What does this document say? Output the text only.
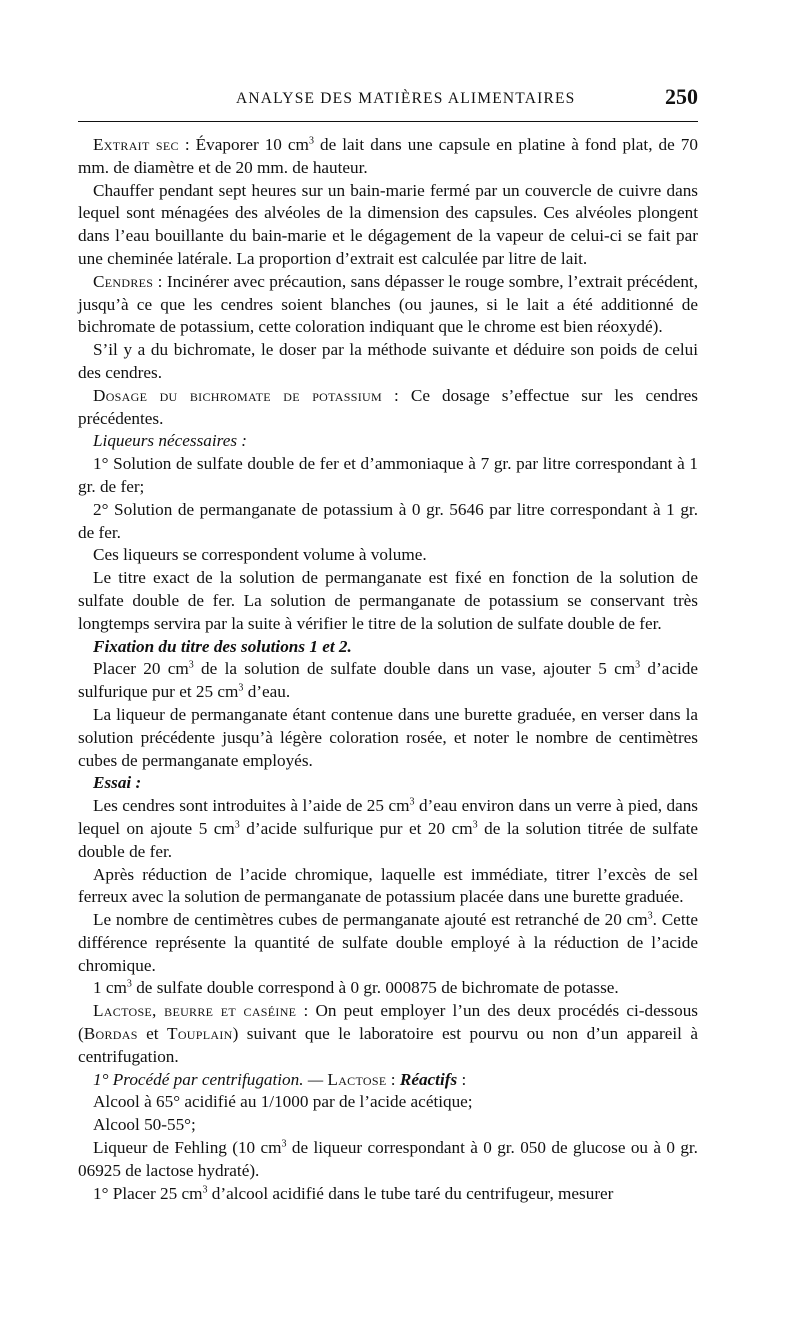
ANALYSE DES MATIÈRES ALIMENTAIRES	250

Extrait sec : Évaporer 10 $cm^3$ de lait dans une capsule en platine à fond plat, de 70 mm. de diamètre et de 20 mm. de hauteur.

Chauffer pendant sept heures sur un bain-marie fermé par un couvercle de cuivre dans lequel sont ménagées des alvéoles de la dimension des capsules. Ces alvéoles plongent dans l’eau bouillante du bain-marie et le dégagement de la vapeur de celui-ci se fait par une cheminée latérale. La proportion d’extrait est calculée par litre de lait.

Cendres : Incinérer avec précaution, sans dépasser le rouge sombre, l’extrait précédent, jusqu’à ce que les cendres soient blanches (ou jaunes, si le lait a été additionné de bichromate de potassium, cette coloration indiquant que le chrome est bien réoxydé).

S’il y a du bichromate, le doser par la méthode suivante et déduire son poids de celui des cendres.

Dosage du bichromate de potassium : Ce dosage s’effectue sur les cendres précédentes.

Liqueurs nécessaires :

1° Solution de sulfate double de fer et d’ammoniaque à 7 gr. par litre correspondant à 1 gr. de fer;

2° Solution de permanganate de potassium à 0 gr. 5646 par litre correspondant à 1 gr. de fer.

Ces liqueurs se correspondent volume à volume.

Le titre exact de la solution de permanganate est fixé en fonction de la solution de sulfate double de fer. La solution de permanganate de potassium se conservant très longtemps servira par la suite à vérifier le titre de la solution de sulfate double de fer.

Fixation du titre des solutions 1 et 2.

Placer 20 $cm^3$ de la solution de sulfate double dans un vase, ajouter 5 $cm^3$ d’acide sulfurique pur et 25 $cm^3$ d’eau.

La liqueur de permanganate étant contenue dans une burette graduée, en verser dans la solution précédente jusqu’à légère coloration rosée, et noter le nombre de centimètres cubes de permanganate employés.

Essai :

Les cendres sont introduites à l’aide de 25 $cm^3$ d’eau environ dans un verre à pied, dans lequel on ajoute 5 $cm^3$ d’acide sulfurique pur et 20 $cm^3$ de la solution titrée de sulfate double de fer.

Après réduction de l’acide chromique, laquelle est immédiate, titrer l’excès de sel ferreux avec la solution de permanganate de potassium placée dans une burette graduée.

Le nombre de centimètres cubes de permanganate ajouté est retranché de 20 $cm^3$. Cette différence représente la quantité de sulfate double employé à la réduction de l’acide chromique.

1 $cm^3$ de sulfate double correspond à 0 gr. 000875 de bichromate de potasse.

Lactose, beurre et caséine : On peut employer l’un des deux procédés ci-dessous (Bordas et Touplain) suivant que le laboratoire est pourvu ou non d’un appareil à centrifugation.

1° Procédé par centrifugation. — Lactose : Réactifs :

Alcool à 65° acidifié au 1/1000 par de l’acide acétique;

Alcool 50-55°;

Liqueur de Fehling (10 $cm^3$ de liqueur correspondant à 0 gr. 050 de glucose ou à 0 gr. 06925 de lactose hydraté).

1° Placer 25 $cm^3$ d’alcool acidifié dans le tube taré du centrifugeur, mesurer
